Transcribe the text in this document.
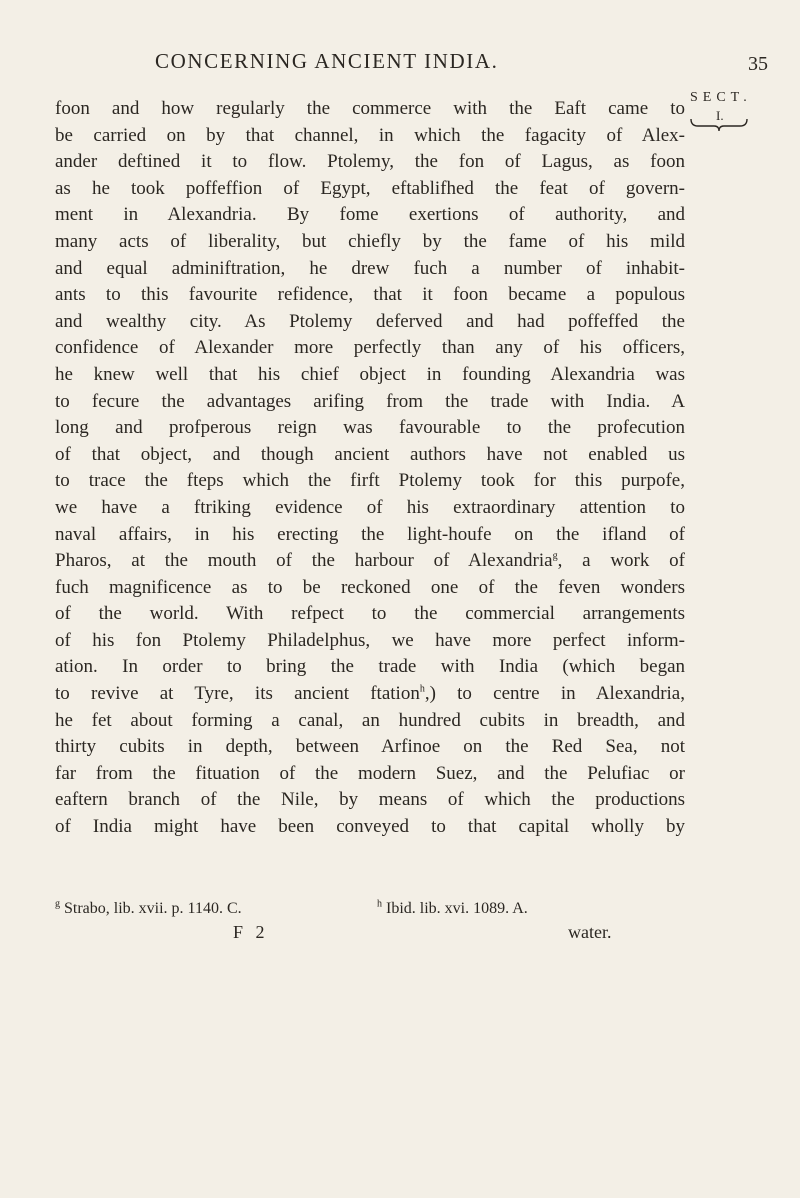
CONCERNING ANCIENT INDIA.	35
SECT.
I.
foon and how regularly the commerce with the Eaft came to
be carried on by that channel, in which the fagacity of Alex-
ander deftined it to flow. Ptolemy, the fon of Lagus, as foon
as he took poffeffion of Egypt, eftablifhed the feat of govern-
ment in Alexandria. By fome exertions of authority, and
many acts of liberality, but chiefly by the fame of his mild
and equal adminiftration, he drew fuch a number of inhabit-
ants to this favourite refidence, that it foon became a populous
and wealthy city. As Ptolemy deferved and had poffeffed the
confidence of Alexander more perfectly than any of his officers,
he knew well that his chief object in founding Alexandria was
to fecure the advantages arifing from the trade with India. A
long and profperous reign was favourable to the profecution
of that object, and though ancient authors have not enabled us
to trace the fteps which the firft Ptolemy took for this purpofe,
we have a ftriking evidence of his extraordinary attention to
naval affairs, in his erecting the light-houfe on the ifland of
Pharos, at the mouth of the harbour of Alexandria$^g$, a work of
fuch magnificence as to be reckoned one of the feven wonders
of the world. With refpect to the commercial arrangements
of his fon Ptolemy Philadelphus, we have more perfect inform-
ation. In order to bring the trade with India (which began
to revive at Tyre, its ancient ftation$^h$,) to centre in Alexandria,
he fet about forming a canal, an hundred cubits in breadth, and
thirty cubits in depth, between Arfinoe on the Red Sea, not
far from the fituation of the modern Suez, and the Pelufiac or
eaftern branch of the Nile, by means of which the productions
of India might have been conveyed to that capital wholly by
$^g$ Strabo, lib. xvii. p. 1140. C.	$^h$ Ibid. lib. xvi. 1089. A.
F 2	water.
